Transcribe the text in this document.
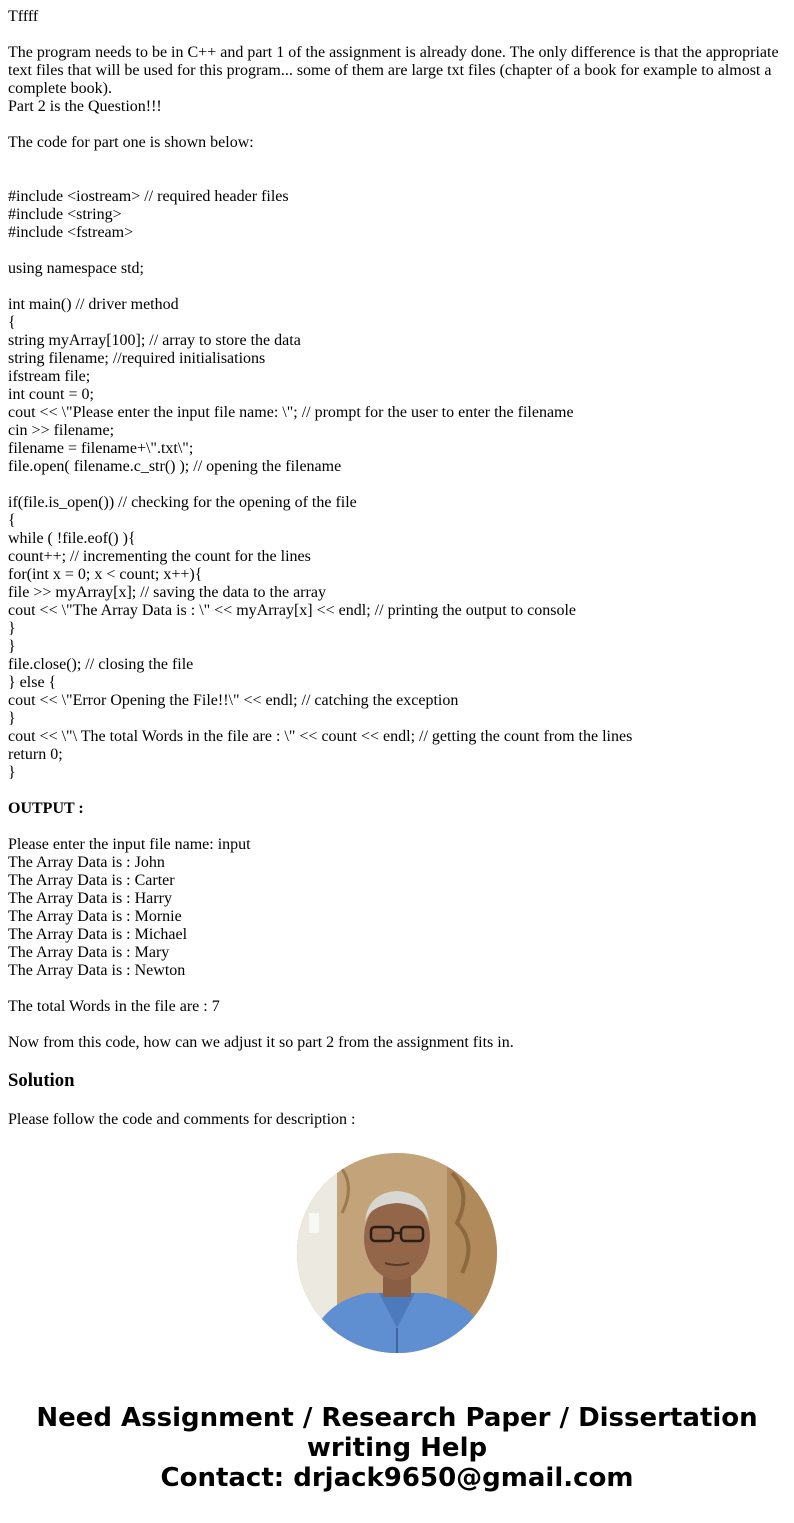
Tffff

The program needs to be in C++ and part 1 of the assignment is already done. The only difference is that the appropriate text files that will be used for this program... some of them are large txt files (chapter of a book for example to almost a complete book).
Part 2 is the Question!!!

The code for part one is shown below:

#include <iostream> // required header files
#include <string>
#include <fstream>
using namespace std;
int main() // driver method
{
string myArray[100]; // array to store the data
string filename; //required initialisations
ifstream file;
int count = 0;
cout << \"Please enter the input file name: \"; // prompt for the user to enter the filename
cin >> filename;
filename = filename+\".txt\";
file.open( filename.c_str() ); // opening the filename
if(file.is_open()) // checking for the opening of the file
{
while ( !file.eof() ){
count++; // incrementing the count for the lines
for(int x = 0; x < count; x++){
file >> myArray[x]; // saving the data to the array
cout << \"The Array Data is : \" << myArray[x] << endl; // printing the output to console
}
}
file.close(); // closing the file
} else {
cout << \"Error Opening the File!!\" << endl; // catching the exception
}
cout << \"\ The total Words in the file are : \" << count << endl; // getting the count from the lines
return 0;
}

OUTPUT :

Please enter the input file name: input
The Array Data is : John
The Array Data is : Carter
The Array Data is : Harry
The Array Data is : Mornie
The Array Data is : Michael
The Array Data is : Mary
The Array Data is : Newton

The total Words in the file are : 7

Now from this code, how can we adjust it so part 2 from the assignment fits in.

Solution

Please follow the code and comments for description :

Need Assignment / Research Paper / Dissertation
writing Help
Contact: drjack9650@gmail.com
